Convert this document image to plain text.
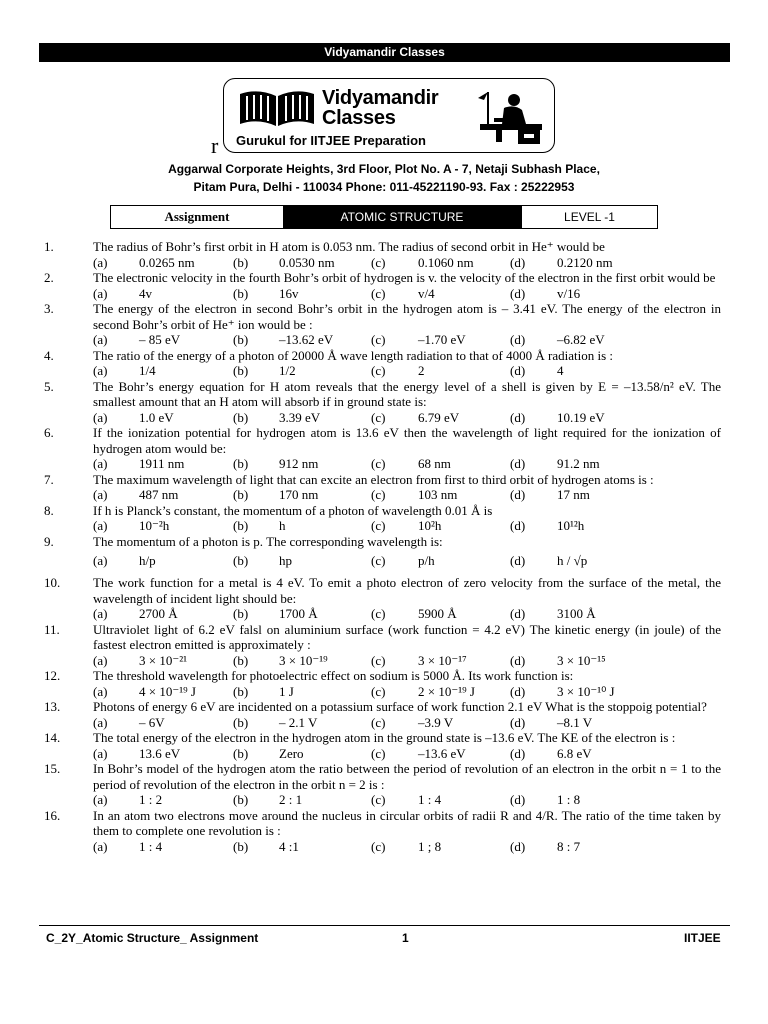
Vidyamandir Classes
r
Vidyamandir
Classes
Gurukul for IITJEE Preparation
Aggarwal Corporate Heights, 3rd Floor, Plot No. A - 7, Netaji Subhash Place,
Pitam Pura, Delhi - 110034 Phone: 011-45221190-93. Fax : 25222953
Assignment	ATOMIC STRUCTURE	LEVEL -1
1.	The radius of Bohr’s first orbit in H atom is 0.053 nm. The radius of second orbit in He⁺ would be
(a) 0.0265 nm	(b) 0.0530 nm	(c)	0.1060 nm	(d) 0.2120 nm
2.	The electronic velocity in the fourth Bohr’s orbit of hydrogen is v. the velocity of the electron in the first orbit would be
(a) 4v	(b) 16v	(c)	v/4	(d) v/16
3.	The energy of the electron in second Bohr’s orbit in the hydrogen atom is – 3.41 eV. The energy of the electron in second Bohr’s orbit of He⁺ ion would be :
(a) – 85 eV	(b) –13.62 eV	(c)	–1.70 eV	(d) –6.82 eV
4.	The ratio of the energy of a photon of 20000 Å wave length radiation to that of 4000 Å radiation is :
(a) 1/4	(b) 1/2	(c)	2	(d) 4
5.	The Bohr’s energy equation for H atom reveals that the energy level of a shell is given by E = –13.58/n² eV. The smallest amount that an H atom will absorb if in ground state is:
(a) 1.0 eV	(b) 3.39 eV	(c)	6.79 eV	(d) 10.19 eV
6.	If the ionization potential for hydrogen atom is 13.6 eV then the wavelength of light required for the ionization of hydrogen atom would be:
(a) 1911 nm	(b) 912 nm	(c)	68 nm	(d) 91.2 nm
7.	The maximum wavelength of light that can excite an electron from first to third orbit of hydrogen atoms is :
(a) 487 nm	(b) 170 nm	(c)	103 nm	(d) 17 nm
8.	If h is Planck’s constant, the momentum of a photon of wavelength 0.01 Å is
(a) 10⁻²h	(b) h	(c)	10²h	(d) 10¹²h
9.	The momentum of a photon is p. The corresponding wavelength is:
(a) h/p	(b) hp	(c)	p/h	(d) h / √p
10.	The work function for a metal is 4 eV. To emit a photo electron of zero velocity from the surface of the metal, the wavelength of incident light should be:
(a) 2700 Å	(b) 1700 Å	(c)	5900 Å	(d) 3100 Å
11.	Ultraviolet light of 6.2 eV falsl on aluminium surface (work function = 4.2 eV) The kinetic energy (in joule) of the fastest electron emitted is approximately :
(a) 3 × 10⁻²¹	(b) 3 × 10⁻¹⁹	(c)	3 × 10⁻¹⁷	(d) 3 × 10⁻¹⁵
12.	The threshold wavelength for photoelectric effect on sodium is 5000 Å. Its work function is:
(a) 4 × 10⁻¹⁹ J	(b) 1 J	(c)	2 × 10⁻¹⁹ J	(d) 3 × 10⁻¹⁰ J
13.	Photons of energy 6 eV are incidented on a potassium surface of work function 2.1 eV What is the stoppoig potential?
(a) – 6V	(b) – 2.1 V	(c)	–3.9 V	(d) –8.1 V
14.	The total energy of the electron in the hydrogen atom in the ground state is –13.6 eV. The KE of the electron is :
(a) 13.6 eV	(b) Zero	(c)	–13.6 eV	(d) 6.8 eV
15.	In Bohr’s model of the hydrogen atom the ratio between the period of revolution of an electron in the orbit n = 1 to the period of revolution of the electron in the orbit n = 2 is :
(a) 1 : 2	(b) 2 : 1	(c)	1 : 4	(d) 1 : 8
16.	In an atom two electrons move around the nucleus in circular orbits of radii R and 4/R. The ratio of the time taken by them to complete one revolution is :
(a) 1 : 4	(b) 4 :1	(c)	1 ; 8	(d) 8 : 7
C_2Y_Atomic Structure_ Assignment	1	IITJEE
